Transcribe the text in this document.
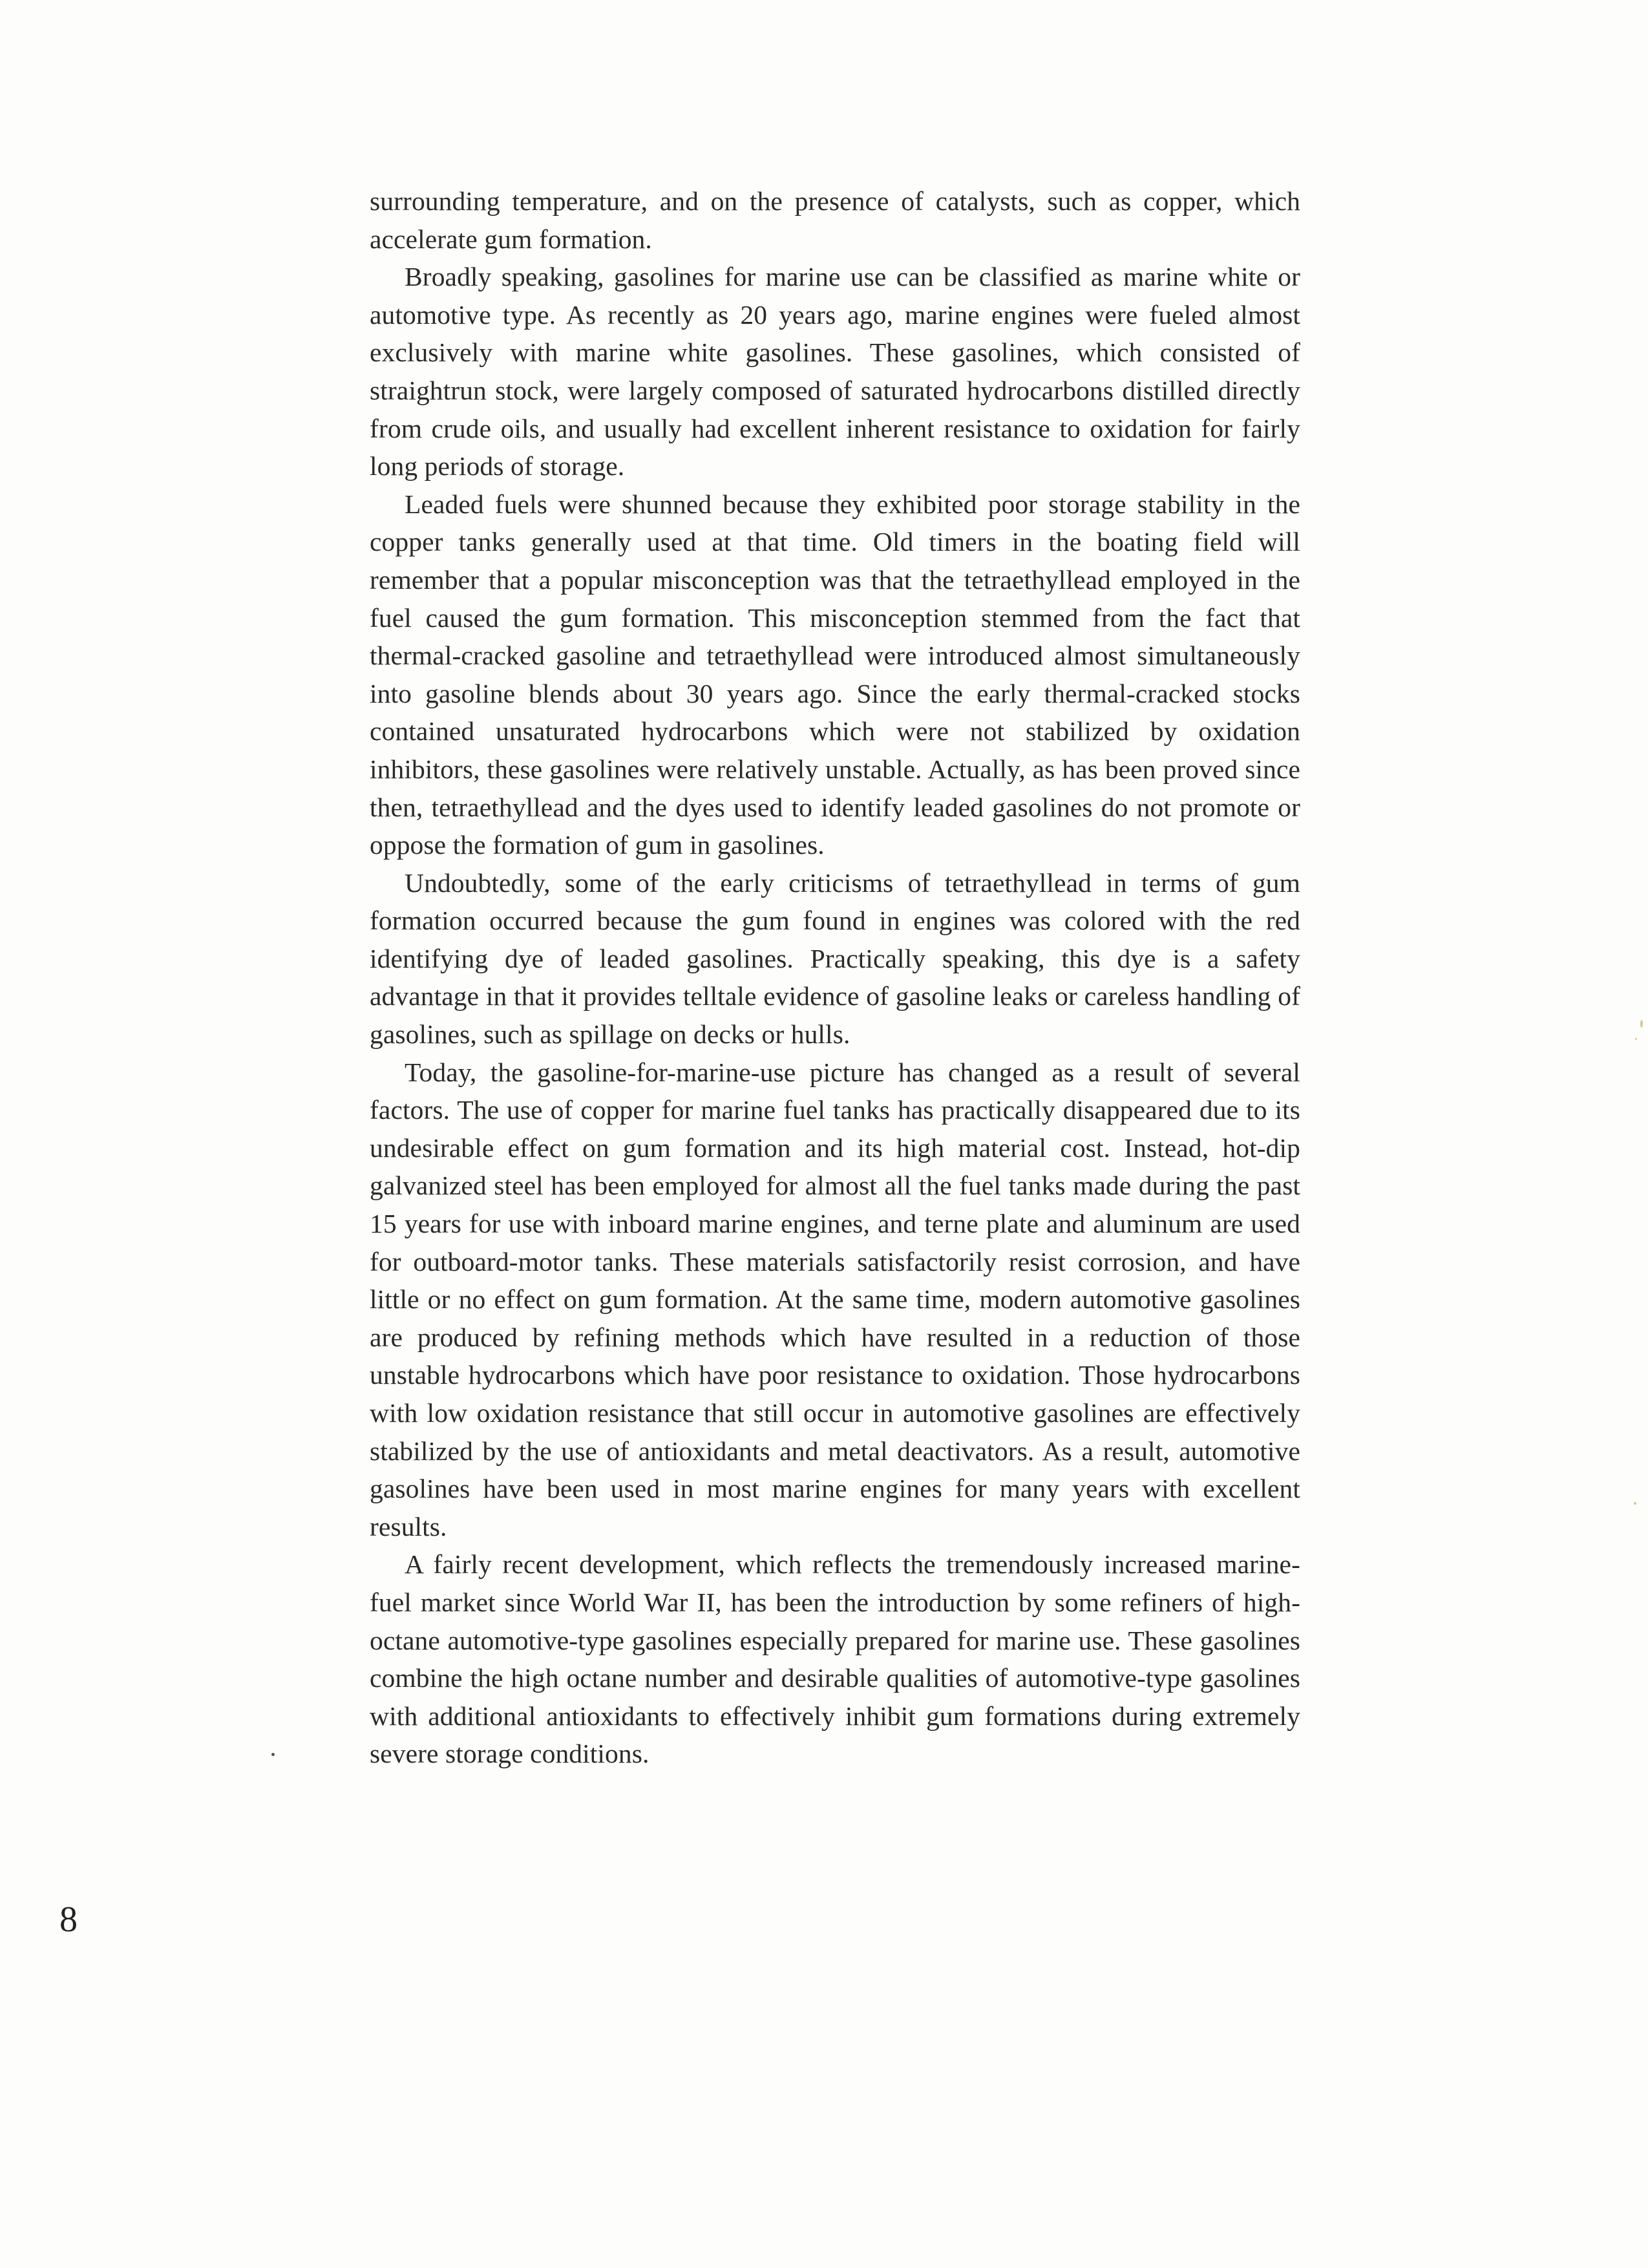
surrounding temperature, and on the presence of catalysts, such as copper, which accelerate gum formation.

Broadly speaking, gasolines for marine use can be classified as marine white or automotive type. As recently as 20 years ago, marine engines were fueled almost exclusively with marine white gasolines. These gasolines, which consisted of straightrun stock, were largely composed of saturated hydrocarbons distilled directly from crude oils, and usually had excellent inherent resistance to oxidation for fairly long periods of storage.

Leaded fuels were shunned because they exhibited poor storage stability in the copper tanks generally used at that time. Old timers in the boating field will remember that a popular misconception was that the tetraethyllead employed in the fuel caused the gum formation. This misconception stemmed from the fact that thermal-cracked gasoline and tetraethyllead were introduced almost simultaneously into gasoline blends about 30 years ago. Since the early thermal-cracked stocks contained unsaturated hydrocarbons which were not stabilized by oxidation inhibitors, these gasolines were relatively unstable. Actually, as has been proved since then, tetraethyllead and the dyes used to identify leaded gasolines do not promote or oppose the formation of gum in gasolines.

Undoubtedly, some of the early criticisms of tetraethyllead in terms of gum formation occurred because the gum found in engines was colored with the red identifying dye of leaded gasolines. Practically speaking, this dye is a safety advantage in that it provides telltale evidence of gasoline leaks or careless handling of gasolines, such as spillage on decks or hulls.

Today, the gasoline-for-marine-use picture has changed as a result of several factors. The use of copper for marine fuel tanks has practically disappeared due to its undesirable effect on gum formation and its high material cost. Instead, hot-dip galvanized steel has been employed for almost all the fuel tanks made during the past 15 years for use with inboard marine engines, and terne plate and aluminum are used for outboard-motor tanks. These materials satisfactorily resist corrosion, and have little or no effect on gum formation. At the same time, modern automotive gasolines are produced by refining methods which have resulted in a reduction of those unstable hydrocarbons which have poor resistance to oxidation. Those hydrocarbons with low oxidation resistance that still occur in automotive gasolines are effectively stabilized by the use of antioxidants and metal deactivators. As a result, automotive gasolines have been used in most marine engines for many years with excellent results.

A fairly recent development, which reflects the tremendously increased marine-fuel market since World War II, has been the introduction by some refiners of high-octane automotive-type gasolines especially prepared for marine use. These gasolines combine the high octane number and desirable qualities of automotive-type gasolines with additional antioxidants to effectively inhibit gum formations during extremely severe storage conditions.

8
